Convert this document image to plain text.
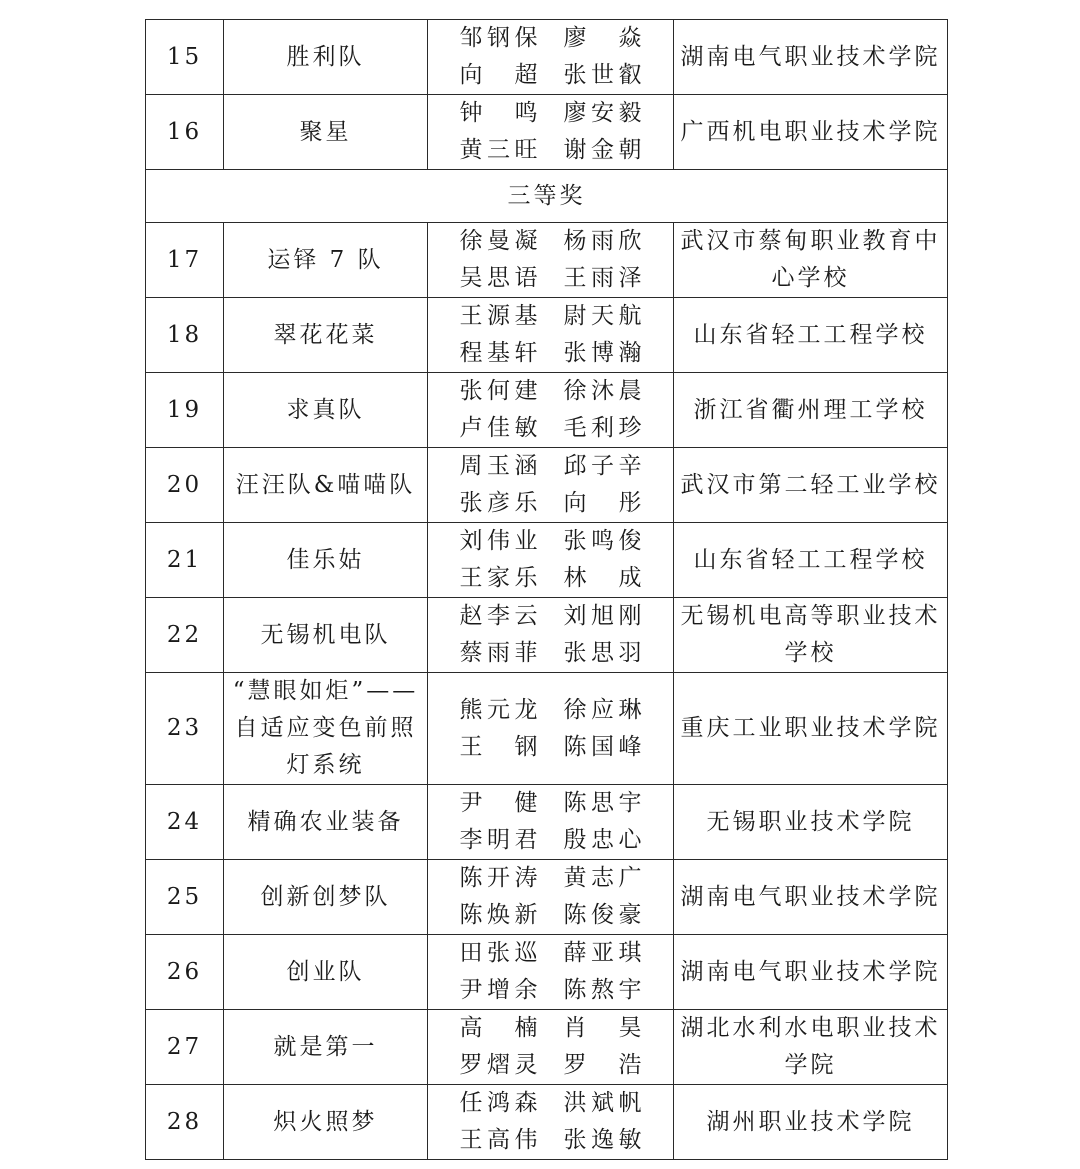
15	胜利队	邹钢保 廖 焱
向 超 张世叡	湖南电气职业技术学院

16	聚星	钟 鸣 廖安毅
黄三旺 谢金朝	广西机电职业技术学院

三等奖			
17	运铎 7 队	徐曼凝 杨雨欣
吴思语 王雨泽	武汉市蔡甸职业教育中心学校

18	翠花花菜	王源基 尉天航
程基轩 张博瀚	山东省轻工工程学校

19	求真队	张何建 徐沐晨
卢佳敏 毛利珍	浙江省衢州理工学校

20	汪汪队&喵喵队	周玉涵 邱子辛
张彦乐 向 彤	武汉市第二轻工业学校

21	佳乐姑	刘伟业 张鸣俊
王家乐 林 成	山东省轻工工程学校

22	无锡机电队	赵李云 刘旭刚
蔡雨菲 张思羽	无锡机电高等职业技术学校

23	“慧眼如炬”——自适应变色前照灯系统	熊元龙 徐应琳
王 钢 陈国峰	重庆工业职业技术学院

24	精确农业装备	尹 健 陈思宇
李明君 殷忠心	无锡职业技术学院

25	创新创梦队	陈开涛 黄志广
陈焕新 陈俊豪	湖南电气职业技术学院

26	创业队	田张巡 薛亚琪
尹增余 陈熬宇	湖南电气职业技术学院

27	就是第一	高 楠 肖 昊
罗熠灵 罗 浩	湖北水利水电职业技术学院

28	炽火照梦	任鸿森 洪斌帆
王高伟 张逸敏	湖州职业技术学院
